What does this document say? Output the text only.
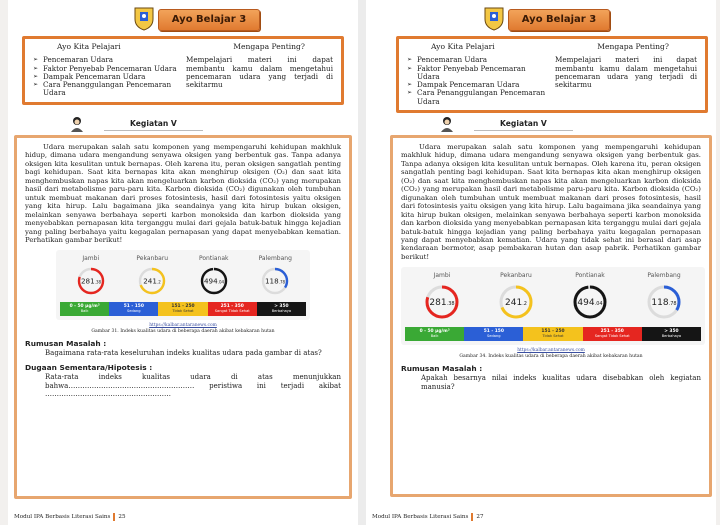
Ayo Belajar 3
Ayo Kita Pelajari	Mengapa Penting?
➢ Pencemaran Udara
➢ Faktor Penyebab Pencemaran Udara
➢ Dampak Pencemaran Udara
➢ Cara Penanggulangan Pencemaran Udara
Mempelajari materi ini dapat membantu kamu dalam mengetahui pencemaran udara yang terjadi di sekitarmu
Kegiatan V

Udara merupakan salah satu komponen yang mempengaruhi kehidupan makhluk hidup, dimana udara mengandung senyawa oksigen yang berbentuk gas. Tanpa adanya oksigen kita kesulitan untuk bernapas. Oleh karena itu, peran oksigen sangatlah penting bagi kehidupan. Saat kita bernapas kita akan menghirup oksigen (O₂) dan saat kita menghembuskan napas kita akan mengeluarkan karbon dioksida (CO₂) yang merupakan hasil dari metabolisme paru-paru kita. Karbon dioksida (CO₂) digunakan oleh tumbuhan untuk membuat makanan dari proses fotosintesis, hasil dari fotosintesis yaitu oksigen yang kita hirup. Lalu bagaimana jika seandainya yang kita hirup bukan oksigen, melainkan senyawa berbahaya seperti karbon monoksida dan karbon dioksida yang menyebabkan pernapasan kita terganggu mulai dari gejala batuk-batuk hingga kejadian yang paling berbahaya yaitu kegagalan pernapasan yang dapat menyebabkan kematian. Perhatikan gambar berikut!

Jambi
281.38
Pekanbaru
241.2
Pontianak
494.04
Palembang
118.78
0 - 50 µg/m³
Baik
51 - 150
Sedang
151 - 250
Tidak Sehat
251 - 350
Sangat Tidak Sehat
> 350
Berbahaya
https://kalbar.antaranews.com
Gambar 31. Indeks kualitas udara di beberapa daerah akibat kebakaran hutan
Rumusan Masalah :

Bagaimana rata-rata keseluruhan indeks kualitas udara pada gambar di atas?

Dugaan Sementara/Hipotesis :

Rata-rata indeks kualitas udara di atas menunjukkan bahwa……………………………………………… peristiwa ini terjadi akibat ………………………………………………

Modul IPA Berbasis Literasi Sains 25
Ayo Belajar 3
Ayo Kita Pelajari	Mengapa Penting?
➢ Pencemaran Udara
➢ Faktor Penyebab Pencemaran Udara
➢ Dampak Pencemaran Udara
➢ Cara Penanggulangan Pencemaran Udara
Mempelajari materi ini dapat membantu kamu dalam mengetahui pencemaran udara yang terjadi di sekitarmu
Kegiatan V

Udara merupakan salah satu komponen yang mempengaruhi kehidupan makhluk hidup, dimana udara mengandung senyawa oksigen yang berbentuk gas. Tanpa adanya oksigen kita kesulitan untuk bernapas. Oleh karena itu, peran oksigen sangatlah penting bagi kehidupan. Saat kita bernapas kita akan menghirup oksigen (O₂) dan saat kita menghembuskan napas kita akan mengeluarkan karbon dioksida (CO₂) yang merupakan hasil dari metabolisme paru-paru kita. Karbon dioksida (CO₂) digunakan oleh tumbuhan untuk membuat makanan dari proses fotosintesis, hasil dari fotosintesis yaitu oksigen yang kita hirup. Lalu bagaimana jika seandainya yang kita hirup bukan oksigen, melainkan senyawa berbahaya seperti karbon monoksida dan karbon dioksida yang menyebabkan pernapasan kita terganggu mulai dari gejala batuk-batuk hingga kejadian yang paling berbahaya yaitu kegagalan pernapasan yang dapat menyebabkan kematian. Udara yang tidak sehat ini berasal dari asap kendaraan bermotor, asap pembakaran hutan dan asap pabrik. Perhatikan gambar berikut!

Jambi
281.38
Pekanbaru
241.2
Pontianak
494.04
Palembang
118.78
0 - 50 µg/m³
Baik
51 - 150
Sedang
151 - 250
Tidak Sehat
251 - 350
Sangat Tidak Sehat
> 350
Berbahaya
https://kalbar.antaranews.com
Gambar 34. Indeks kualitas udara di beberapa daerah akibat kebakaran hutan
Rumusan Masalah :

Apakah besarnya nilai indeks kualitas udara disebabkan oleh kegiatan manusia?

Modul IPA Berbasis Literasi Sains 27
